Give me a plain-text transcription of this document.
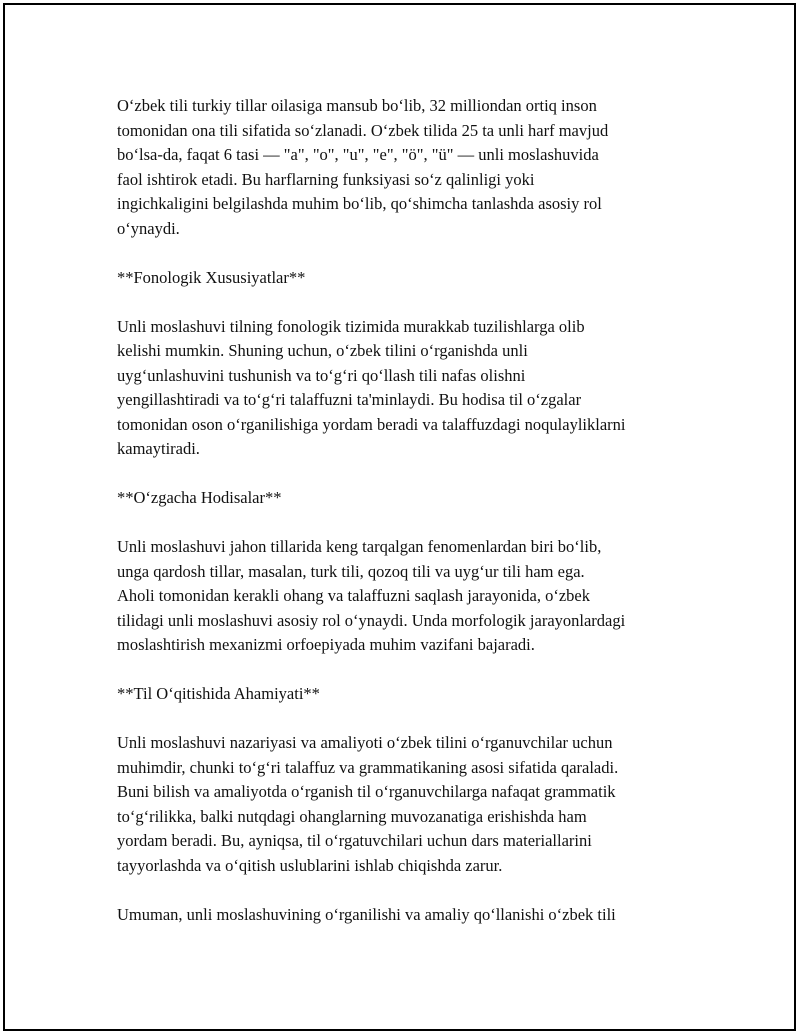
O‘zbek tili turkiy tillar oilasiga mansub bo‘lib, 32 milliondan ortiq inson
tomonidan ona tili sifatida so‘zlanadi. O‘zbek tilida 25 ta unli harf mavjud
bo‘lsa-da, faqat 6 tasi — "a", "o", "u", "e", "ö", "ü" — unli moslashuvida
faol ishtirok etadi. Bu harflarning funksiyasi so‘z qalinligi yoki
ingichkaligini belgilashda muhim bo‘lib, qo‘shimcha tanlashda asosiy rol
o‘ynaydi.

**Fonologik Xususiyatlar**

Unli moslashuvi tilning fonologik tizimida murakkab tuzilishlarga olib
kelishi mumkin. Shuning uchun, o‘zbek tilini o‘rganishda unli
uyg‘unlashuvini tushunish va to‘g‘ri qo‘llash tili nafas olishni
yengillashtiradi va to‘g‘ri talaffuzni ta'minlaydi. Bu hodisa til o‘zgalar
tomonidan oson o‘rganilishiga yordam beradi va talaffuzdagi noqulayliklarni
kamaytiradi.

**O‘zgacha Hodisalar**

Unli moslashuvi jahon tillarida keng tarqalgan fenomenlardan biri bo‘lib,
unga qardosh tillar, masalan, turk tili, qozoq tili va uyg‘ur tili ham ega.
Aholi tomonidan kerakli ohang va talaffuzni saqlash jarayonida, o‘zbek
tilidagi unli moslashuvi asosiy rol o‘ynaydi. Unda morfologik jarayonlardagi
moslashtirish mexanizmi orfoepiyada muhim vazifani bajaradi.

**Til O‘qitishida Ahamiyati**

Unli moslashuvi nazariyasi va amaliyoti o‘zbek tilini o‘rganuvchilar uchun
muhimdir, chunki to‘g‘ri talaffuz va grammatikaning asosi sifatida qaraladi.
Buni bilish va amaliyotda o‘rganish til o‘rganuvchilarga nafaqat grammatik
to‘g‘rilikka, balki nutqdagi ohanglarning muvozanatiga erishishda ham
yordam beradi. Bu, ayniqsa, til o‘rgatuvchilari uchun dars materiallarini
tayyorlashda va o‘qitish uslublarini ishlab chiqishda zarur.

Umuman, unli moslashuvining o‘rganilishi va amaliy qo‘llanishi o‘zbek tili
